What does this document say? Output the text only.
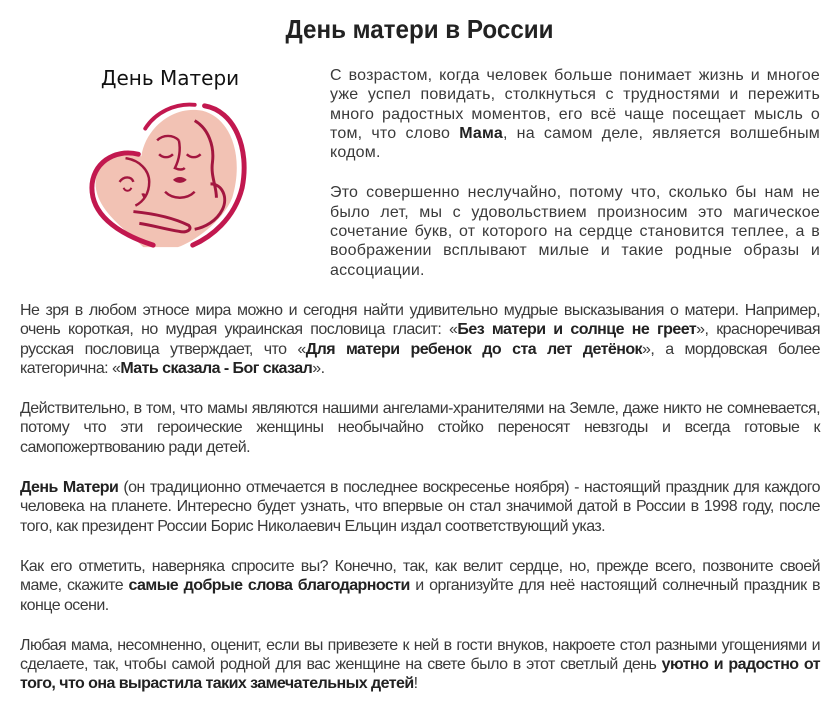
День матери в России
День Матери	С возрастом, когда человек больше понимает жизнь и многое уже успел повидать, столкнуться с трудностями и пережить много радостных моментов, его всё чаще посещает мысль о том, что слово Мама, на самом деле, является волшебным кодом.

Это совершенно неслучайно, потому что, сколько бы нам не было лет, мы с удовольствием произносим это магическое сочетание букв, от которого на сердце становится теплее, а в воображении всплывают милые и такие родные образы и ассоциации.

Не зря в любом этносе мира можно и сегодня найти удивительно мудрые высказывания о матери. Например, очень короткая, но мудрая украинская пословица гласит: «Без матери и солнце не греет», красноречивая русская пословица утверждает, что «Для матери ребенок до ста лет детёнок», а мордовская более категорична: «Мать сказала - Бог сказал».

Действительно, в том, что мамы являются нашими ангелами-хранителями на Земле, даже никто не сомневается, потому что эти героические женщины необычайно стойко переносят невзгоды и всегда готовые к самопожертвованию ради детей.

День Матери (он традиционно отмечается в последнее воскресенье ноября) - настоящий праздник для каждого человека на планете. Интересно будет узнать, что впервые он стал значимой датой в России в 1998 году, после того, как президент России Борис Николаевич Ельцин издал соответствующий указ.

Как его отметить, наверняка спросите вы? Конечно, так, как велит сердце, но, прежде всего, позвоните своей маме, скажите самые добрые слова благодарности и организуйте для неё настоящий солнечный праздник в конце осени.

Любая мама, несомненно, оценит, если вы привезете к ней в гости внуков, накроете стол разными угощениями и сделаете, так, чтобы самой родной для вас женщине на свете было в этот светлый день уютно и радостно от того, что она вырастила таких замечательных детей!
